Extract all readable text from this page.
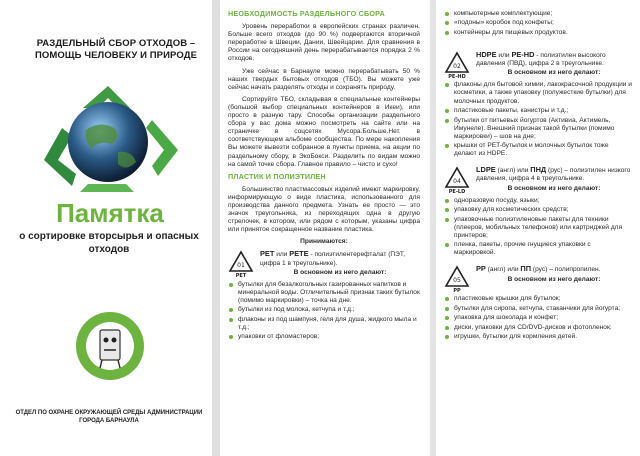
РАЗДЕЛЬНЫЙ СБОР ОТХОДОВ – ПОМОЩЬ ЧЕЛОВЕКУ И ПРИРОДЕ
Памятка
о сортировке вторсырья и опасных отходов
ОТДЕЛ ПО ОХРАНЕ ОКРУЖАЮЩЕЙ СРЕДЫ АДМИНИСТРАЦИИ ГОРОДА БАРНАУЛА
НЕОБХОДИМОСТЬ РАЗДЕЛЬНОГО СБОРА
Уровень переработки в европейских странах различен. Больше всего отходов (до 90 %) подвергаются вторичной переработке в Швеции, Дании, Швейцарии. Для сравнения в России на сегодняшний день перерабатывается порядка 2 % отходов.
Уже сейчас в Барнауле можно перерабатывать 50 % наших твердых бытовых отходов (ТБО). Вы можете уже сейчас начать разделять отходы и сохранять природу.
Сортируйте ТБО, складывая в специальные контейнеры (большой выбор специальных контейнеров в Икеи), или просто в разную тару. Способы организации раздельного сбора у вас дома можно посмотреть на сайте или на страничке в соцсетях Мусора.Больше.Нет. в соответствующем альбоме сообщества. По мере накопления Вы можете вывезти собранное в пункты приема, на акции по раздельному сбору, в ЭкоБокси. Разделить по видам можно на самой точке сбора. Главное правило – чисто и сухо!
ПЛАСТИК И ПОЛИЭТИЛЕН
Большинство пластмассовых изделий имеют маркировку, информирующую о виде пластика, использованного для производства данного предмета. Узнать ее просто — это значок треугольника, из переходящих одна в другую стрелочек, в котором, или рядом с которым, указаны цифра или принятое сокращенное название пластика.
Принимаются:
01
PET
PET или PETE - полиэтилентерефталат (ПЭТ, цифра 1 в треугольнике).
В основном из него делают:
бутылки для безалкогольных газированных напитков и минеральной воды. Отличительный признак таких бутылок (помимо маркировки) – точка на дне.
бутылки из под молока, кетчупа и т.д.;
флаконы из под шампуня, геля для душа, жидкого мыла и т.д.;
упаковки от фломастеров;
компьютерные комплектующие;
«подоны» коробок под конфеты;
контейнеры для пищевых продуктов.
02
PE-HD
HDPE или PE-HD - полиэтилен высокого давления (ПВД), цифра 2 в треугольнике.
В основном из него делают:
флаконы для бытовой химии, лакокрасочной продукции и косметики, а также упаковку (полужесткие бутылки) для молочных продуктов.
пластиковые пакеты, канистры и т.д.;
бутылки от питьевых йогуртов (Активиа, Актимель, Имунеле). Внешний признак такой бутылки (помимо маркировки) – шов на дне;
крышки от PET-бутылок и молочных бутылок тоже делают из HDPE.
04
PE-LD
LDPE (англ) или ПНД (рус) – полиэтилен низкого давления, цифра 4 в треугольнике.
В основном из него делают:
одноразовую посуду, языки;
упаковку для косметических средств;
упаковочные полиэтиленовые пакеты для техники (плееров, мобильных телефонов) или картриджей для принтеров;
пленка, пакеты, прочие гнущиеся упаковки с маркировкой.
05
PP
PP (англ) или ПП (рус) – полипропилен.
В основном из него делают:
пластиковые крышки для бутылок;
бутылки для сиропа, кетчупа, стаканчики для йогурта;
упаковка для шоколада и конфет;
диски, упаковки для CD/DVD-дисков и фотопленок;
игрушки, бутылки для кормления детей.
